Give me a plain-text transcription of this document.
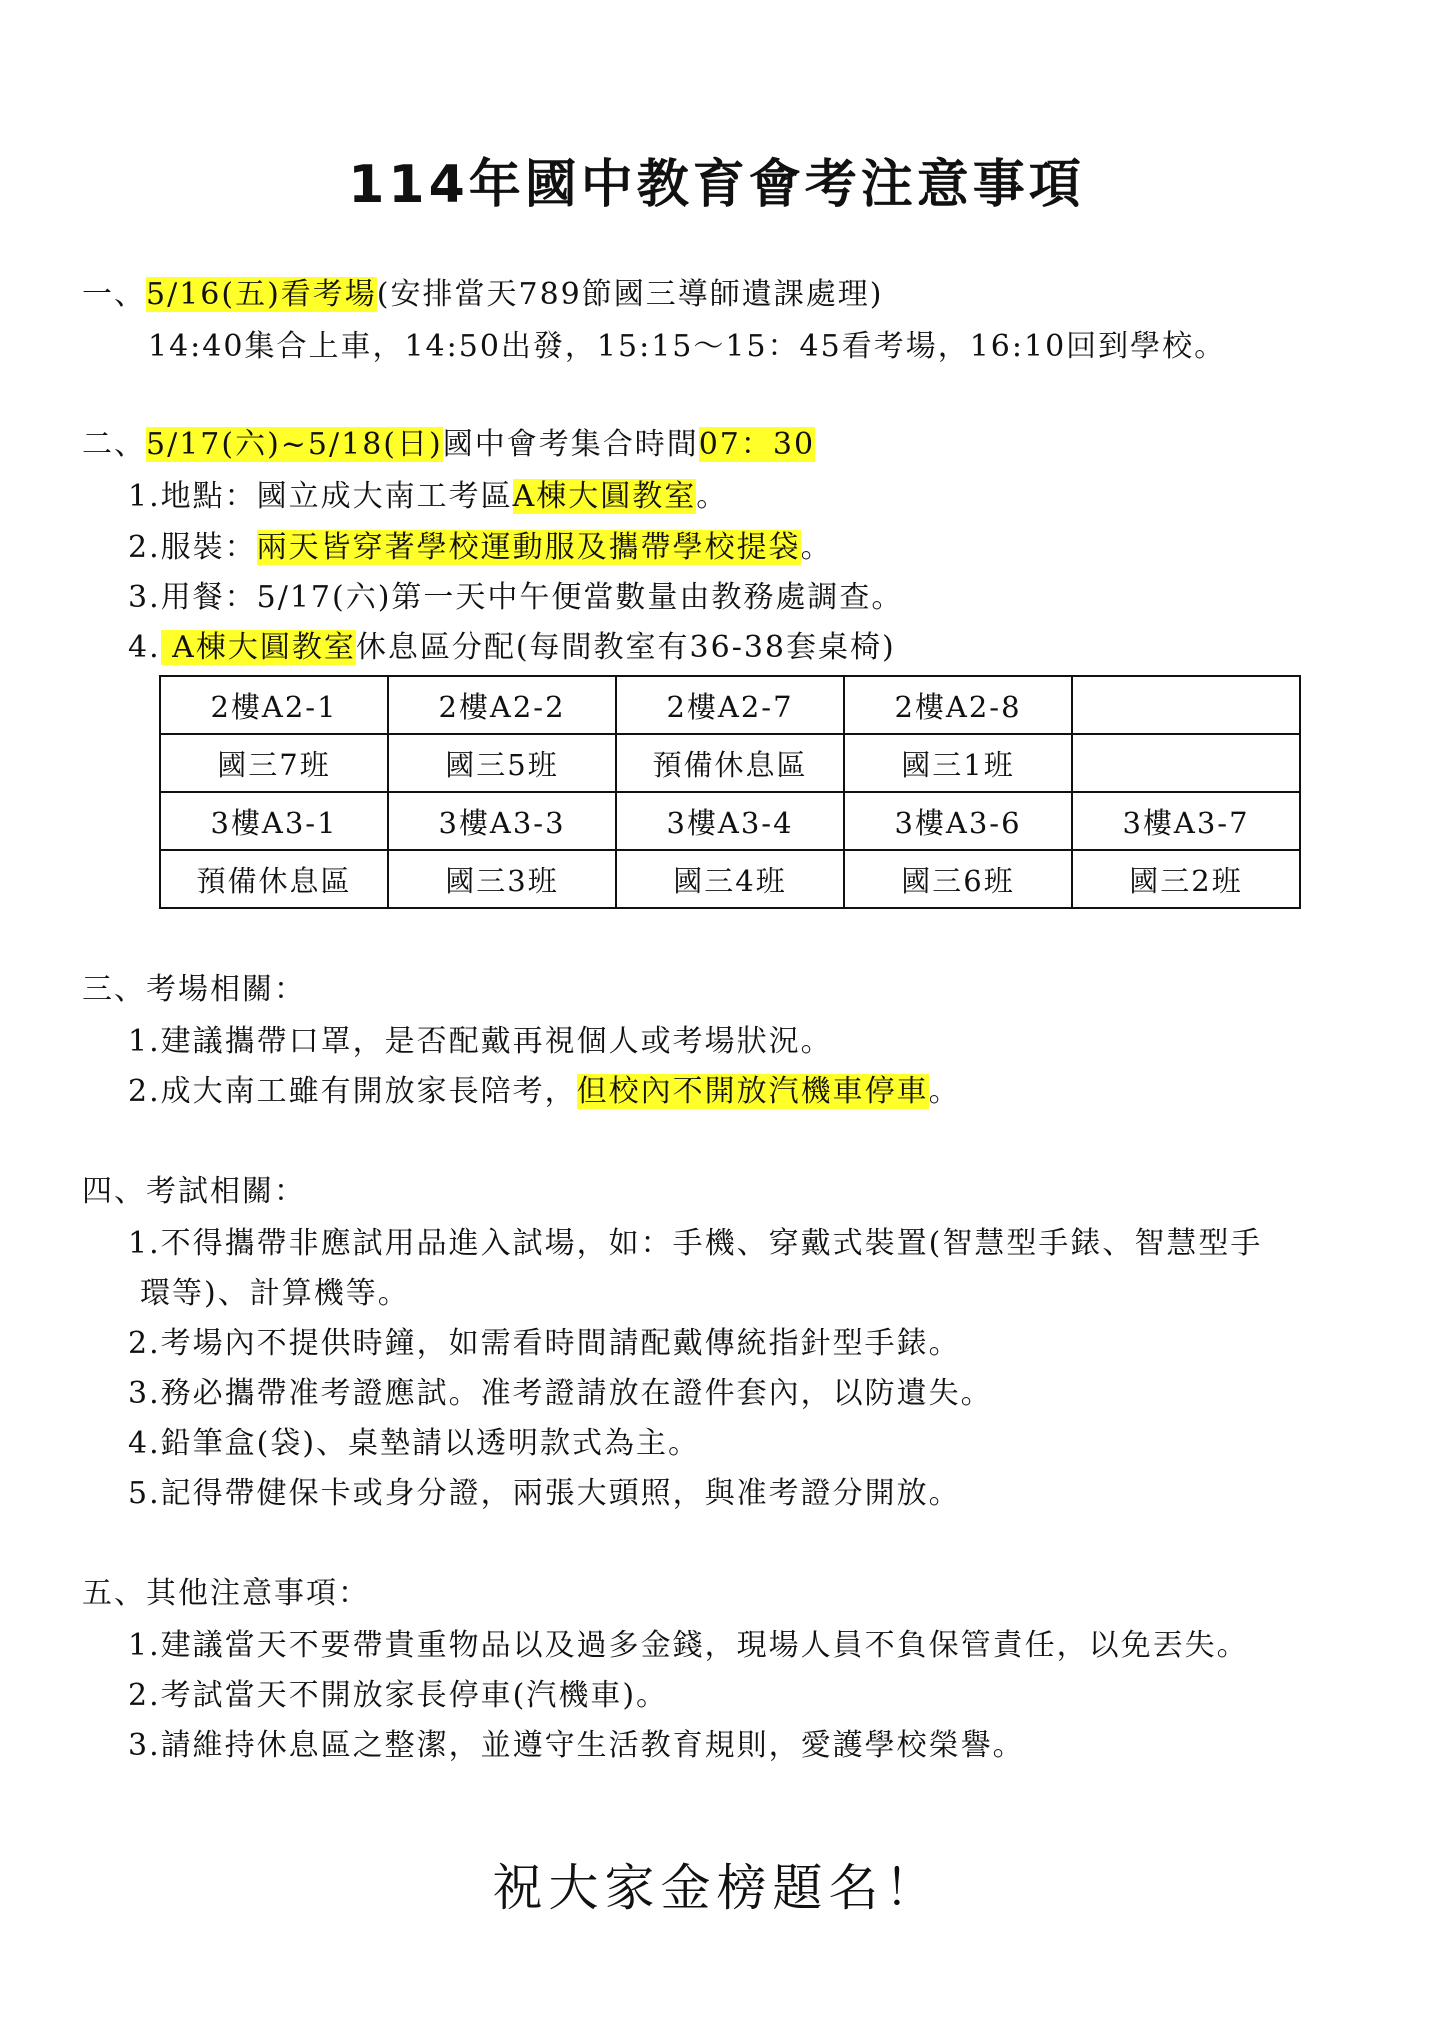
114年國中教育會考注意事項
一、5/16(五)看考場(安排當天789節國三導師遺課處理)
14:40集合上車，14:50出發，15:15～15：45看考場，16:10回到學校。
二、5/17(六)~5/18(日)國中會考集合時間07：30
1.地點：國立成大南工考區A棟大圓教室。
2.服裝：兩天皆穿著學校運動服及攜帶學校提袋。
3.用餐：5/17(六)第一天中午便當數量由教務處調查。
4. A棟大圓教室休息區分配(每間教室有36-38套桌椅)
2樓A2-1	2樓A2-2	2樓A2-7	2樓A2-8	
國三7班	國三5班	預備休息區	國三1班	
3樓A3-1	3樓A3-3	3樓A3-4	3樓A3-6	3樓A3-7
預備休息區	國三3班	國三4班	國三6班	國三2班
三、考場相關：
1.建議攜帶口罩，是否配戴再視個人或考場狀況。
2.成大南工雖有開放家長陪考，但校內不開放汽機車停車。
四、考試相關：
1.不得攜帶非應試用品進入試場，如：手機、穿戴式裝置(智慧型手錶、智慧型手
環等)、計算機等。
2.考場內不提供時鐘，如需看時間請配戴傳統指針型手錶。
3.務必攜帶准考證應試。准考證請放在證件套內，以防遺失。
4.鉛筆盒(袋)、桌墊請以透明款式為主。
5.記得帶健保卡或身分證，兩張大頭照，與准考證分開放。
五、其他注意事項：
1.建議當天不要帶貴重物品以及過多金錢，現場人員不負保管責任，以免丟失。
2.考試當天不開放家長停車(汽機車)。
3.請維持休息區之整潔，並遵守生活教育規則，愛護學校榮譽。
祝大家金榜題名！
